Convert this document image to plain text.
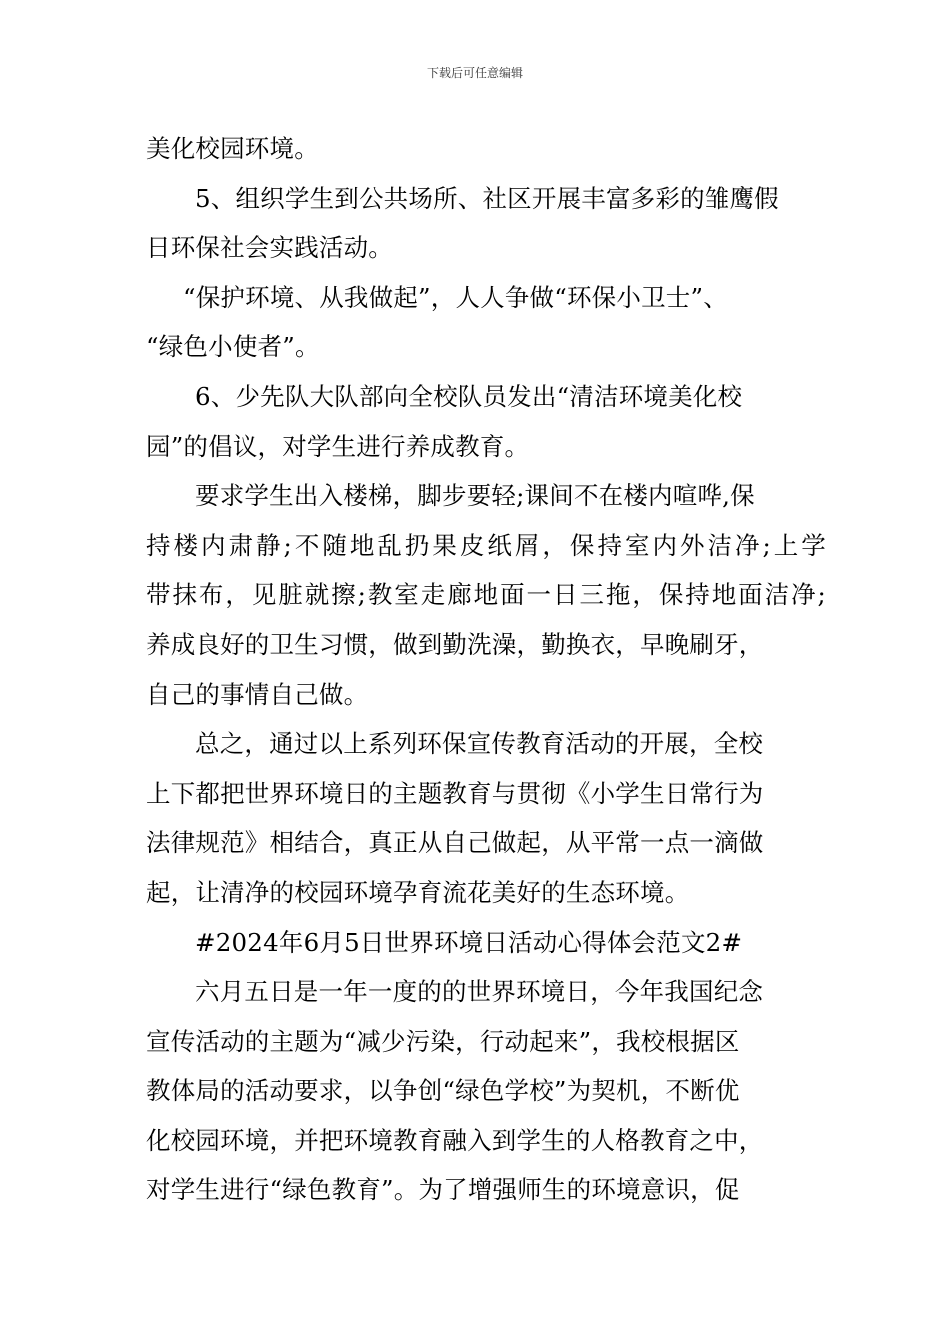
下载后可任意编辑
美化校园环境。
5、组织学生到公共场所、社区开展丰富多彩的雏鹰假
日环保社会实践活动。
“保护环境、从我做起”，人人争做“环保小卫士”、
“绿色小使者”。
6、少先队大队部向全校队员发出“清洁环境美化校
园”的倡议，对学生进行养成教育。
要求学生出入楼梯，脚步要轻;课间不在楼内喧哗,保
持楼内肃静;不随地乱扔果皮纸屑，保持室内外洁净;上学
带抹布，见脏就擦;教室走廊地面一日三拖，保持地面洁净;
养成良好的卫生习惯，做到勤洗澡，勤换衣，早晚刷牙，
自己的事情自己做。
总之，通过以上系列环保宣传教育活动的开展，全校
上下都把世界环境日的主题教育与贯彻《小学生日常行为
法律规范》相结合，真正从自己做起，从平常一点一滴做
起，让清净的校园环境孕育流花美好的生态环境。
#2024年6月5日世界环境日活动心得体会范文2#
六月五日是一年一度的的世界环境日，今年我国纪念
宣传活动的主题为“减少污染，行动起来”，我校根据区
教体局的活动要求，以争创“绿色学校”为契机，不断优
化校园环境，并把环境教育融入到学生的人格教育之中，
对学生进行“绿色教育”。为了增强师生的环境意识，促
